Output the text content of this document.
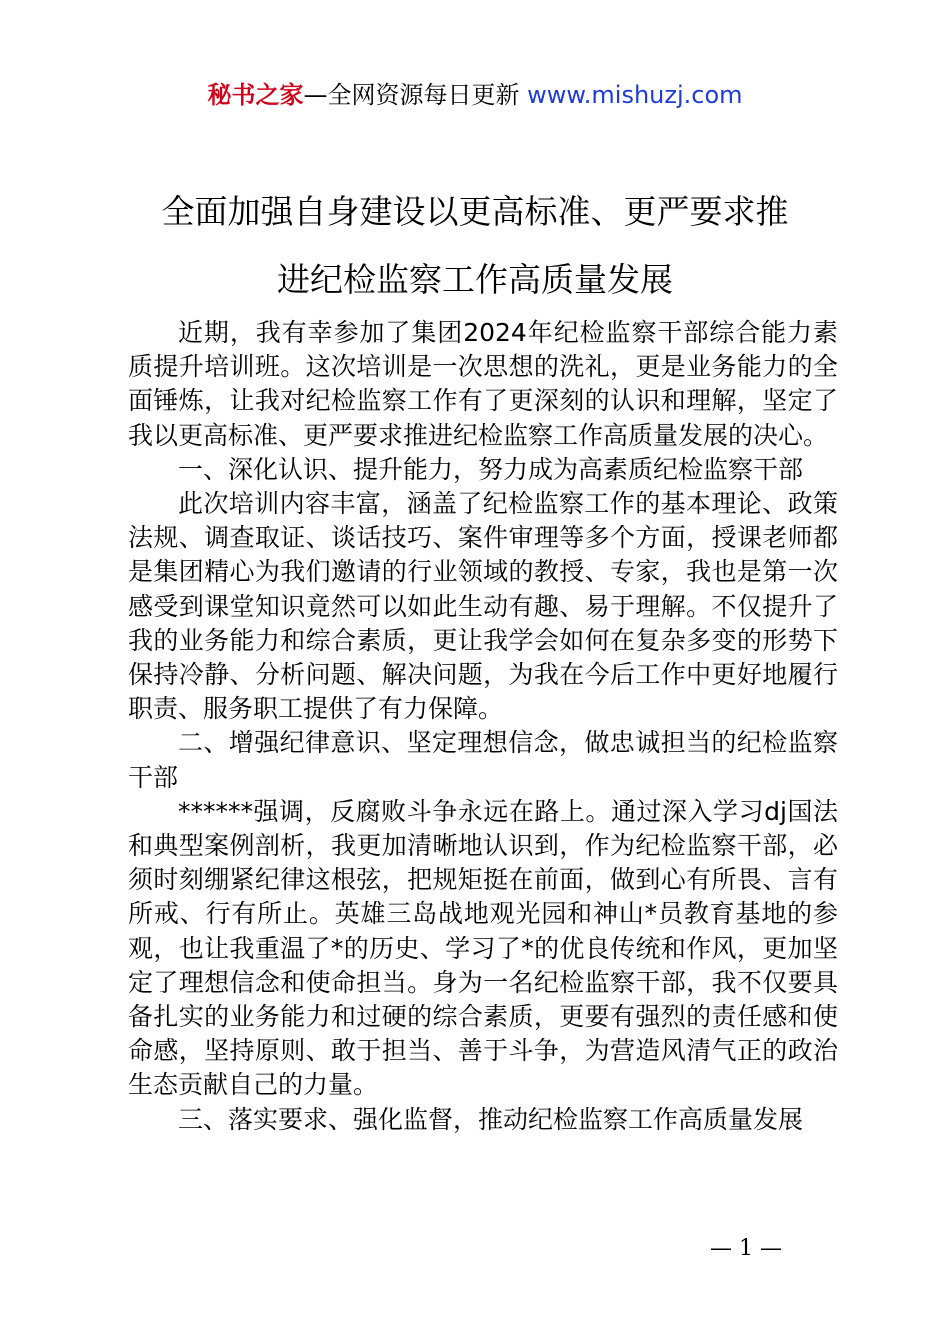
秘书之家—全网资源每日更新 www.mishuzj.com
全面加强自身建设以更高标准、更严要求推
进纪检监察工作高质量发展

近期，我有幸参加了集团2024年纪检监察干部综合能力素质提升培训班。这次培训是一次思想的洗礼，更是业务能力的全面锤炼，让我对纪检监察工作有了更深刻的认识和理解，坚定了我以更高标准、更严要求推进纪检监察工作高质量发展的决心。

一、深化认识、提升能力，努力成为高素质纪检监察干部

此次培训内容丰富，涵盖了纪检监察工作的基本理论、政策法规、调查取证、谈话技巧、案件审理等多个方面，授课老师都是集团精心为我们邀请的行业领域的教授、专家，我也是第一次感受到课堂知识竟然可以如此生动有趣、易于理解。不仅提升了我的业务能力和综合素质，更让我学会如何在复杂多变的形势下保持冷静、分析问题、解决问题，为我在今后工作中更好地履行职责、服务职工提供了有力保障。

二、增强纪律意识、坚定理想信念，做忠诚担当的纪检监察干部

******强调，反腐败斗争永远在路上。通过深入学习dj国法和典型案例剖析，我更加清晰地认识到，作为纪检监察干部，必须时刻绷紧纪律这根弦，把规矩挺在前面，做到心有所畏、言有所戒、行有所止。英雄三岛战地观光园和神山*员教育基地的参观，也让我重温了*的历史、学习了*的优良传统和作风，更加坚定了理想信念和使命担当。身为一名纪检监察干部，我不仅要具备扎实的业务能力和过硬的综合素质，更要有强烈的责任感和使命感，坚持原则、敢于担当、善于斗争，为营造风清气正的政治生态贡献自己的力量。

三、落实要求、强化监督，推动纪检监察工作高质量发展

— 1 —
